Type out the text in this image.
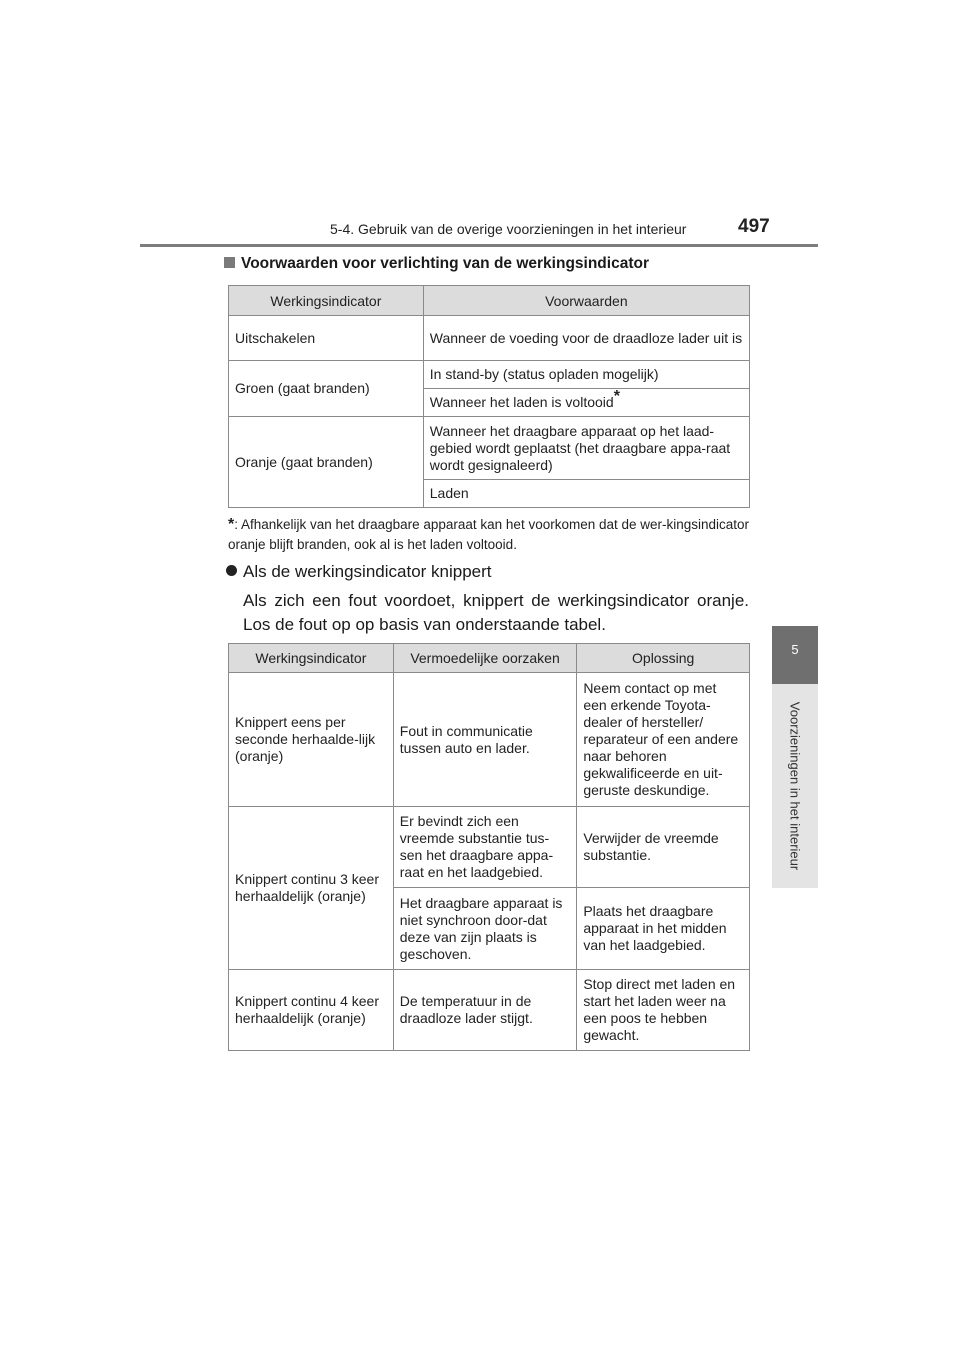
5-4. Gebruik van de overige voorzieningen in het interieur	497
5
Voorzieningen in het interieur
Voorwaarden voor verlichting van de werkingsindicator
Werkingsindicator	Voorwaarden
Uitschakelen	Wanneer de voeding voor de draadloze lader uit is
Groen (gaat branden)	In stand-by (status opladen mogelijk)
	Wanneer het laden is voltooid*
Oranje (gaat branden)	Wanneer het draagbare apparaat op het laad-gebied wordt geplaatst (het draagbare appa-raat wordt gesignaleerd)
	Laden
*: Afhankelijk van het draagbare apparaat kan het voorkomen dat de wer-kingsindicator oranje blijft branden, ook al is het laden voltooid.
Als de werkingsindicator knippert
Als zich een fout voordoet, knippert de werkingsindicator oranje. Los de fout op op basis van onderstaande tabel.
Werkingsindicator	Vermoedelijke oorzaken	Oplossing
Knippert eens per seconde herhaalde-lijk (oranje)	Fout in communicatie tussen auto en lader.	Neem contact op met een erkende Toyota-dealer of hersteller/ reparateur of een andere naar behoren gekwalificeerde en uit-geruste deskundige.
Knippert continu 3 keer herhaaldelijk (oranje)	Er bevindt zich een vreemde substantie tus-sen het draagbare appa-raat en het laadgebied.	Verwijder de vreemde substantie.
	Het draagbare apparaat is niet synchroon door-dat deze van zijn plaats is geschoven.	Plaats het draagbare apparaat in het midden van het laadgebied.
Knippert continu 4 keer herhaaldelijk (oranje)	De temperatuur in de draadloze lader stijgt.	Stop direct met laden en start het laden weer na een poos te hebben gewacht.
